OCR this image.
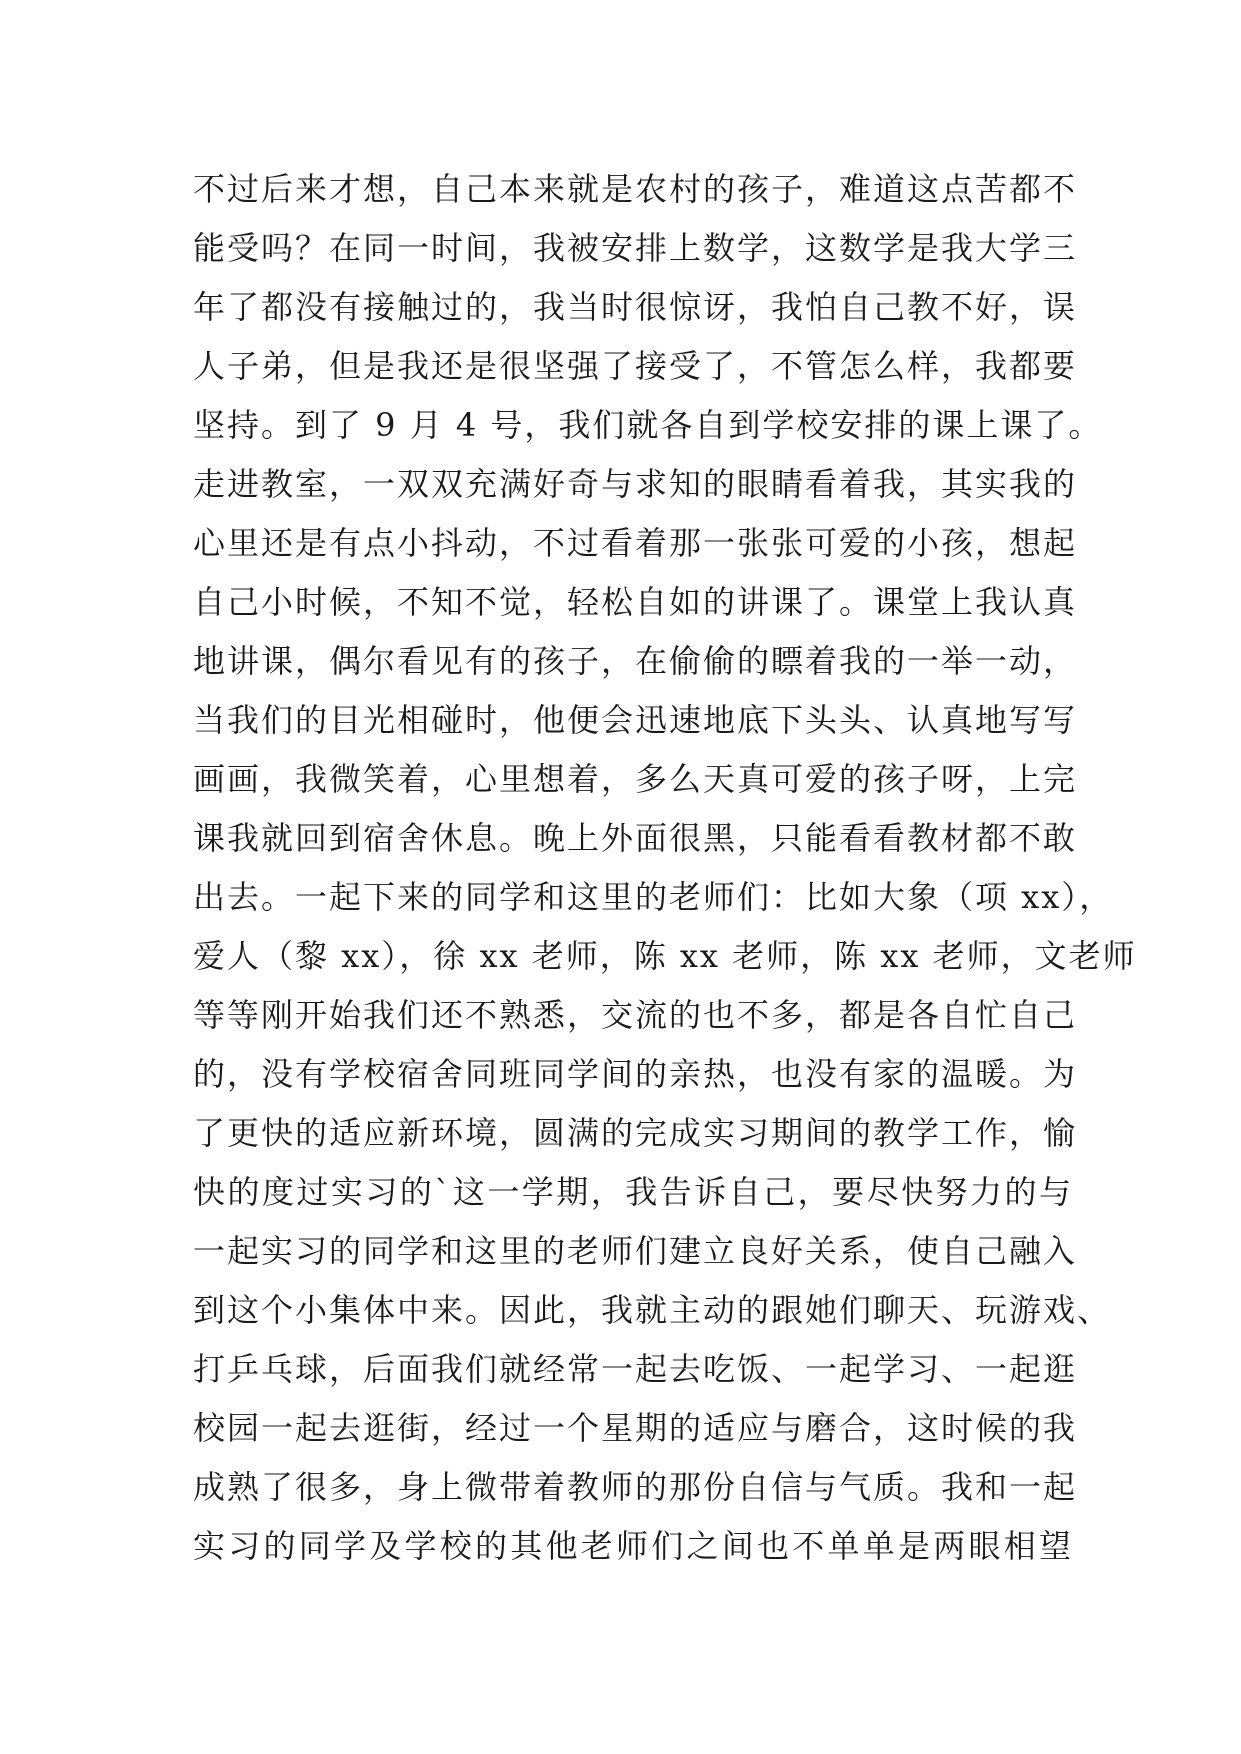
不过后来才想，自己本来就是农村的孩子，难道这点苦都不
能受吗？在同一时间，我被安排上数学，这数学是我大学三
年了都没有接触过的，我当时很惊讶，我怕自己教不好，误
人子弟，但是我还是很坚强了接受了，不管怎么样，我都要
坚持。到了 9 月 4 号，我们就各自到学校安排的课上课了。
走进教室，一双双充满好奇与求知的眼睛看着我，其实我的
心里还是有点小抖动，不过看着那一张张可爱的小孩，想起
自己小时候，不知不觉，轻松自如的讲课了。课堂上我认真
地讲课，偶尔看见有的孩子，在偷偷的瞟着我的一举一动，
当我们的目光相碰时，他便会迅速地底下头头、认真地写写
画画，我微笑着，心里想着，多么天真可爱的孩子呀，上完
课我就回到宿舍休息。晚上外面很黑，只能看看教材都不敢
出去。一起下来的同学和这里的老师们：比如大象（项 xx），
爱人（黎 xx），徐 xx 老师，陈 xx 老师，陈 xx 老师，文老师
等等刚开始我们还不熟悉，交流的也不多，都是各自忙自己
的，没有学校宿舍同班同学间的亲热，也没有家的温暖。为
了更快的适应新环境，圆满的完成实习期间的教学工作，愉
快的度过实习的`这一学期，我告诉自己，要尽快努力的与
一起实习的同学和这里的老师们建立良好关系，使自己融入
到这个小集体中来。因此，我就主动的跟她们聊天、玩游戏、
打乒乓球，后面我们就经常一起去吃饭、一起学习、一起逛
校园一起去逛街，经过一个星期的适应与磨合，这时候的我
成熟了很多，身上微带着教师的那份自信与气质。我和一起
实习的同学及学校的其他老师们之间也不单单是两眼相望
